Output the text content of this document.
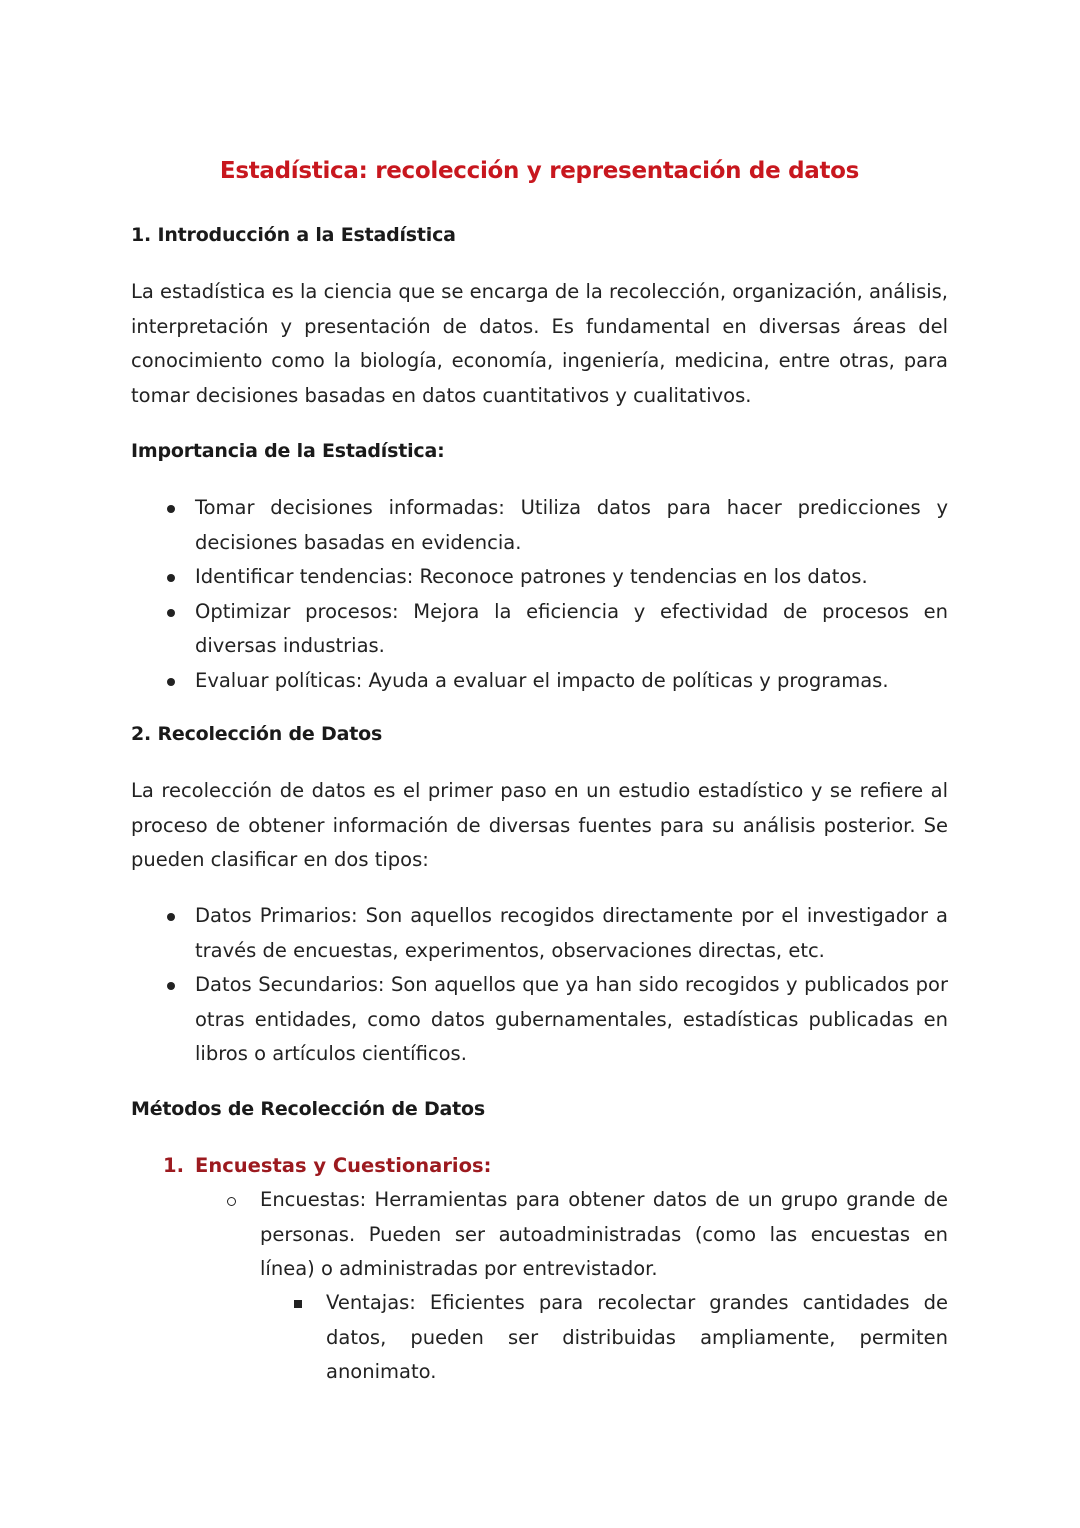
Estadística: recolección y representación de datos
1. Introducción a la Estadística
La estadística es la ciencia que se encarga de la recolección, organización, análisis, interpretación y presentación de datos. Es fundamental en diversas áreas del conocimiento como la biología, economía, ingeniería, medicina, entre otras, para tomar decisiones basadas en datos cuantitativos y cualitativos.
Importancia de la Estadística:
Tomar decisiones informadas: Utiliza datos para hacer predicciones y decisiones basadas en evidencia.
Identificar tendencias: Reconoce patrones y tendencias en los datos.
Optimizar procesos: Mejora la eficiencia y efectividad de procesos en diversas industrias.
Evaluar políticas: Ayuda a evaluar el impacto de políticas y programas.
2. Recolección de Datos
La recolección de datos es el primer paso en un estudio estadístico y se refiere al proceso de obtener información de diversas fuentes para su análisis posterior. Se pueden clasificar en dos tipos:
Datos Primarios: Son aquellos recogidos directamente por el investigador a través de encuestas, experimentos, observaciones directas, etc.
Datos Secundarios: Son aquellos que ya han sido recogidos y publicados por otras entidades, como datos gubernamentales, estadísticas publicadas en libros o artículos científicos.
Métodos de Recolección de Datos
1. Encuestas y Cuestionarios:
Encuestas: Herramientas para obtener datos de un grupo grande de personas. Pueden ser autoadministradas (como las encuestas en línea) o administradas por entrevistador.
Ventajas: Eficientes para recolectar grandes cantidades de datos, pueden ser distribuidas ampliamente, permiten anonimato.
